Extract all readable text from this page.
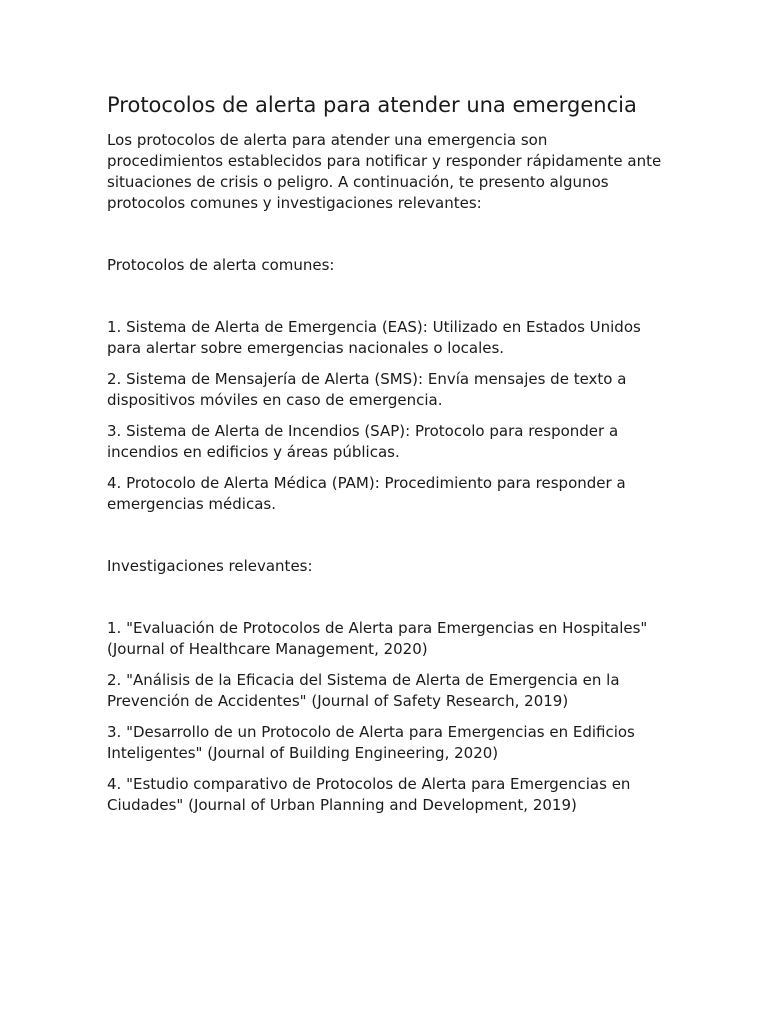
Protocolos de alerta para atender una emergencia

Los protocolos de alerta para atender una emergencia son procedimientos establecidos para notificar y responder rápidamente ante situaciones de crisis o peligro. A continuación, te presento algunos protocolos comunes y investigaciones relevantes:

Protocolos de alerta comunes:

1. Sistema de Alerta de Emergencia (EAS): Utilizado en Estados Unidos para alertar sobre emergencias nacionales o locales.

2. Sistema de Mensajería de Alerta (SMS): Envía mensajes de texto a dispositivos móviles en caso de emergencia.

3. Sistema de Alerta de Incendios (SAP): Protocolo para responder a incendios en edificios y áreas públicas.

4. Protocolo de Alerta Médica (PAM): Procedimiento para responder a emergencias médicas.

Investigaciones relevantes:

1. "Evaluación de Protocolos de Alerta para Emergencias en Hospitales" (Journal of Healthcare Management, 2020)

2. "Análisis de la Eficacia del Sistema de Alerta de Emergencia en la Prevención de Accidentes" (Journal of Safety Research, 2019)

3. "Desarrollo de un Protocolo de Alerta para Emergencias en Edificios Inteligentes" (Journal of Building Engineering, 2020)

4. "Estudio comparativo de Protocolos de Alerta para Emergencias en Ciudades" (Journal of Urban Planning and Development, 2019)
